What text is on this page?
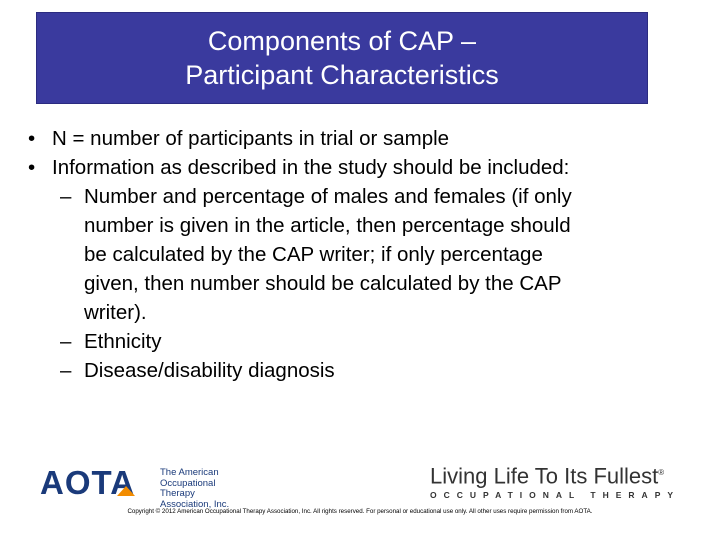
Components of CAP –
Participant Characteristics
• N = number of participants in trial or sample
• Information as described in the study should be included:
– Number and percentage of males and females (if only
number is given in the article, then percentage should
be calculated by the CAP writer; if only percentage
given, then number should be calculated by the CAP
writer).
– Ethnicity
– Disease/disability diagnosis
AOTA	The American
Occupational Therapy
Association, Inc.
Living Life To Its Fullest®
OCCUPATIONAL THERAPY
Copyright © 2012 American Occupational Therapy Association, Inc. All rights reserved. For personal or educational use only. All other uses require permission from AOTA.
